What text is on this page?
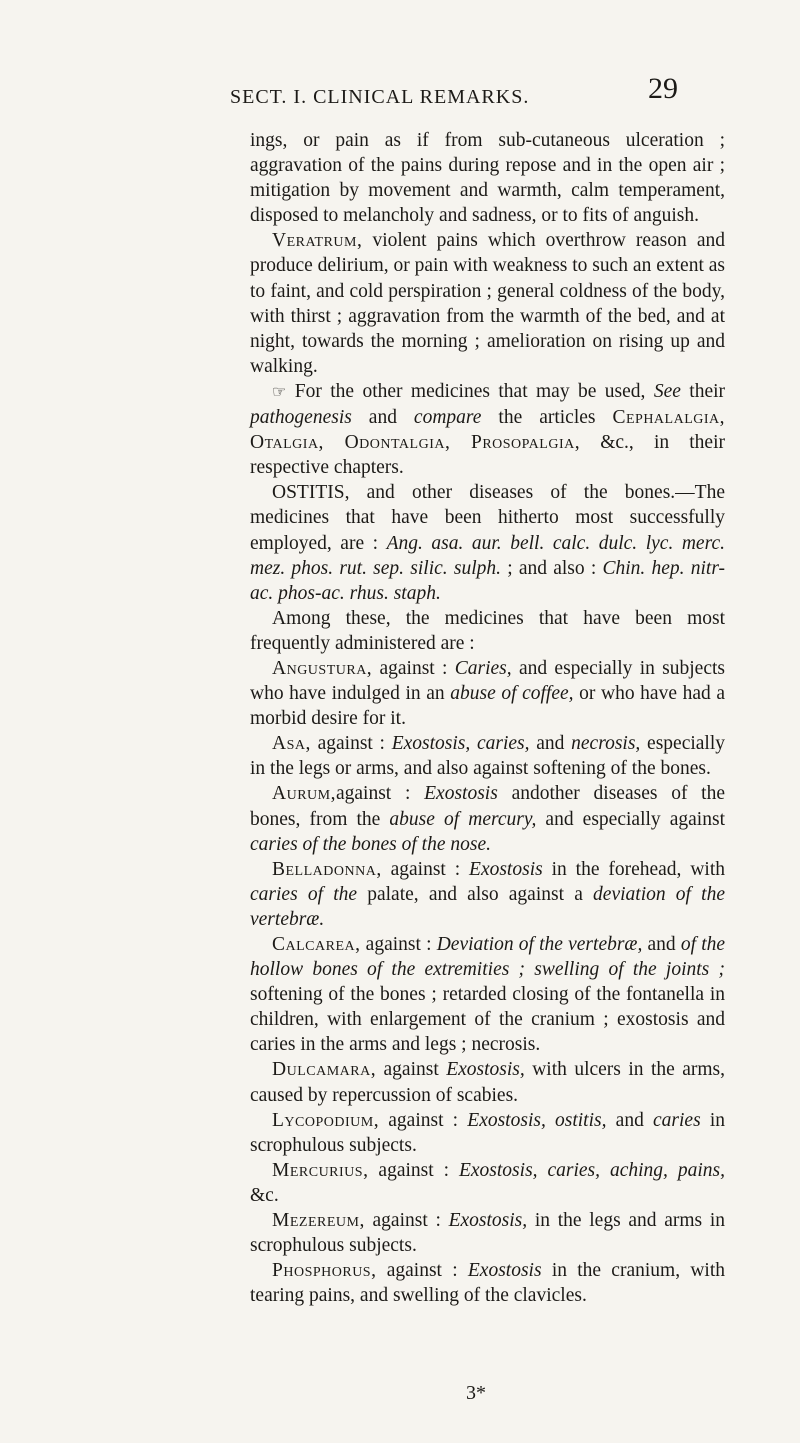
SECT. I. CLINICAL REMARKS.	29

ings, or pain as if from sub-cutaneous ulceration ; aggravation of the pains during repose and in the open air ; mitigation by movement and warmth, calm temperament, disposed to melancholy and sadness, or to fits of anguish.

Veratrum, violent pains which overthrow reason and produce delirium, or pain with weakness to such an extent as to faint, and cold perspiration ; general coldness of the body, with thirst ; aggravation from the warmth of the bed, and at night, towards the morning ; amelioration on rising up and walking.

☞ For the other medicines that may be used, See their pathogenesis and compare the articles Cephalalgia, Otalgia, Odontalgia, Prosopalgia, &c., in their respective chapters.

OSTITIS, and other diseases of the bones.—The medicines that have been hitherto most successfully employed, are : Ang. asa. aur. bell. calc. dulc. lyc. merc. mez. phos. rut. sep. silic. sulph. ; and also : Chin. hep. nitr-ac. phos-ac. rhus. staph.

Among these, the medicines that have been most frequently administered are :

Angustura, against : Caries, and especially in subjects who have indulged in an abuse of coffee, or who have had a morbid desire for it.

Asa, against : Exostosis, caries, and necrosis, especially in the legs or arms, and also against softening of the bones.

Aurum,against : Exostosis andother diseases of the bones, from the abuse of mercury, and especially against caries of the bones of the nose.

Belladonna, against : Exostosis in the forehead, with caries of the palate, and also against a deviation of the vertebræ.

Calcarea, against : Deviation of the vertebræ, and of the hollow bones of the extremities ; swelling of the joints ; softening of the bones ; retarded closing of the fontanella in children, with enlargement of the cranium ; exostosis and caries in the arms and legs ; necrosis.

Dulcamara, against Exostosis, with ulcers in the arms, caused by repercussion of scabies.

Lycopodium, against : Exostosis, ostitis, and caries in scrophulous subjects.

Mercurius, against : Exostosis, caries, aching, pains, &c.

Mezereum, against : Exostosis, in the legs and arms in scrophulous subjects.

Phosphorus, against : Exostosis in the cranium, with tearing pains, and swelling of the clavicles.

3*
